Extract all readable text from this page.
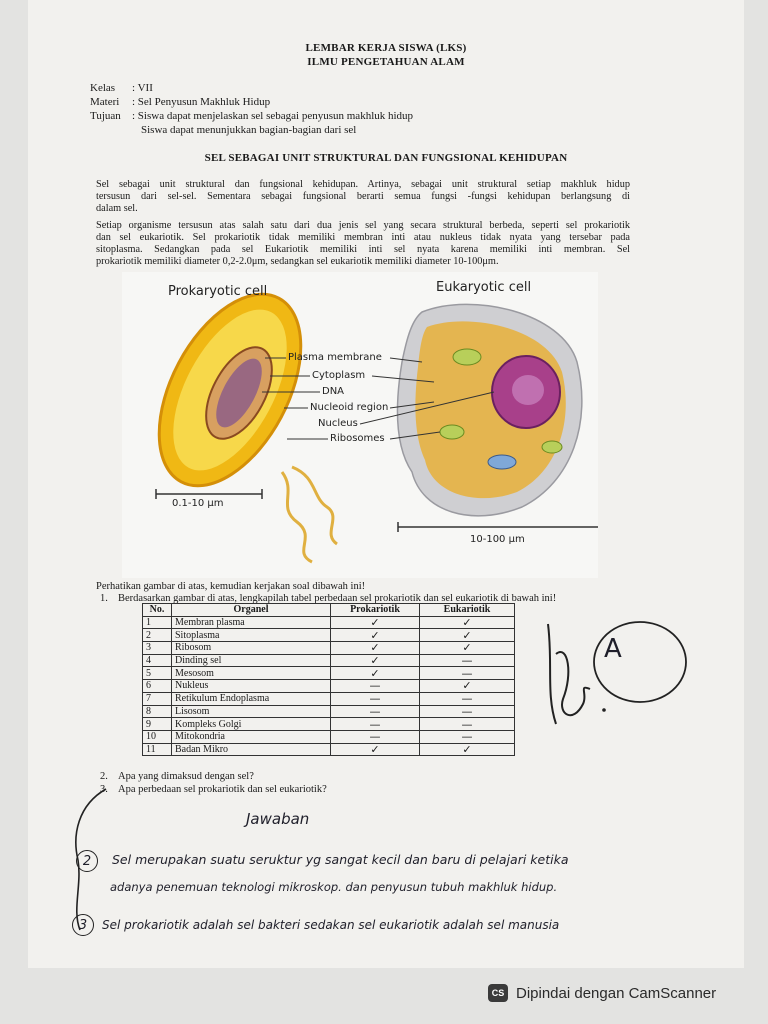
LEMBAR KERJA SISWA (LKS)
ILMU PENGETAHUAN ALAM
Kelas : VII
Materi : Sel Penyusun Makhluk Hidup
Tujuan : Siswa dapat menjelaskan sel sebagai penyusun makhluk hidup
Siswa dapat menunjukkan bagian-bagian dari sel
SEL SEBAGAI UNIT STRUKTURAL DAN FUNGSIONAL KEHIDUPAN
Sel sebagai unit struktural dan fungsional kehidupan. Artinya, sebagai unit struktural setiap makhluk hidup
tersusun dari sel-sel. Sementara sebagai fungsional berarti semua fungsi -fungsi kehidupan berlangsung di
dalam sel.
Setiap organisme tersusun atas salah satu dari dua jenis sel yang secara struktural berbeda, seperti sel prokariotik
dan sel eukariotik. Sel prokariotik tidak memiliki membran inti atau nukleus tidak nyata yang tersebar pada
sitoplasma. Sedangkan pada sel Eukariotik memiliki inti sel nyata karena memiliki inti membran. Sel
prokariotik memiliki diameter 0,2-2.0μm, sedangkan sel eukariotik memiliki diameter 10-100μm.
Prokaryotic cell	Eukaryotic cell
Plasma membrane
Cytoplasm
DNA
Nucleoid region
Nucleus
Ribosomes
0.1-10 μm
10-100 μm
Perhatikan gambar di atas, kemudian kerjakan soal dibawah ini!
1. Berdasarkan gambar di atas, lengkapilah tabel perbedaan sel prokariotik dan sel eukariotik di bawah ini!
No.	Organel	Prokariotik	Eukariotik
1	Membran plasma	✓	✓
2	Sitoplasma	✓	✓
3	Ribosom	✓	✓
4	Dinding sel	✓	—
5	Mesosom	✓	—
6	Nukleus	—	✓
7	Retikulum Endoplasma	—	—
8	Lisosom	—	—
9	Kompleks Golgi	—	—
10	Mitokondria	—	—
11	Badan Mikro	✓	✓
2. Apa yang dimaksud dengan sel?
3. Apa perbedaan sel prokariotik dan sel eukariotik?
A
Jawaban
2	Sel merupakan suatu seruktur yg sangat kecil dan baru di pelajari ketika
adanya penemuan teknologi mikroskop. dan penyusun tubuh makhluk hidup.
3	Sel prokariotik adalah sel bakteri sedakan sel eukariotik adalah sel manusia
CS Dipindai dengan CamScanner
